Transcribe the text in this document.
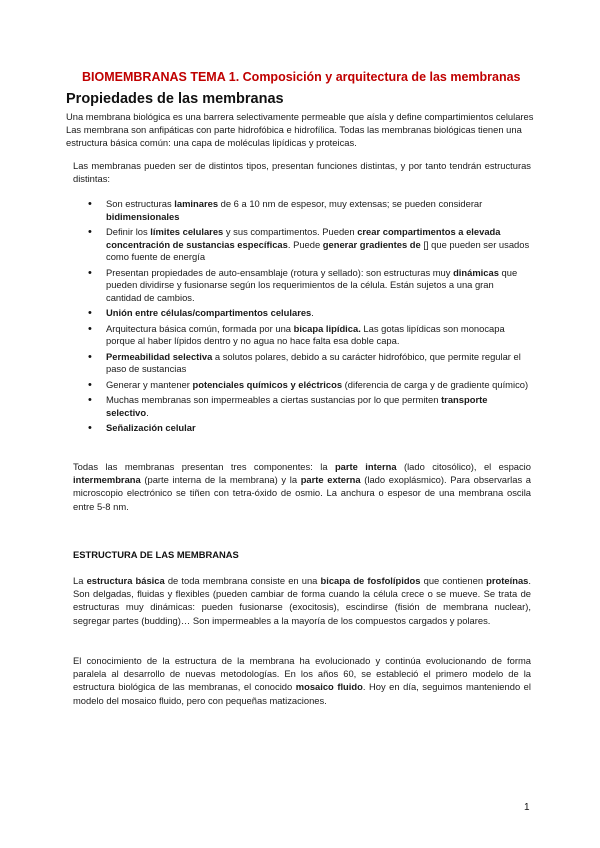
BIOMEMBRANAS TEMA 1. Composición y arquitectura de las membranas
Propiedades de las membranas
Una membrana biológica es una barrera selectivamente permeable que aísla y define compartimientos celulares
Las membrana son anfipáticas con parte hidrofóbica e hidrofílica. Todas las membranas biológicas tienen una estructura básica común: una capa de moléculas lipídicas y proteicas.
Las membranas pueden ser de distintos tipos, presentan funciones distintas, y por tanto tendrán estructuras distintas:
• Son estructuras laminares de 6 a 10 nm de espesor, muy extensas; se pueden considerar bidimensionales
• Definir los límites celulares y sus compartimentos. Pueden crear compartimentos a elevada concentración de sustancias específicas. Puede generar gradientes de [] que pueden ser usados como fuente de energía
• Presentan propiedades de auto-ensamblaje (rotura y sellado): son estructuras muy dinámicas que pueden dividirse y fusionarse según los requerimientos de la célula. Están sujetos a una gran cantidad de cambios.
• Unión entre células/compartimentos celulares.
• Arquitectura básica común, formada por una bicapa lipídica. Las gotas lipídicas son monocapa porque al haber lípidos dentro y no agua no hace falta esa doble capa.
• Permeabilidad selectiva a solutos polares, debido a su carácter hidrofóbico, que permite regular el paso de sustancias
• Generar y mantener potenciales químicos y eléctricos (diferencia de carga y de gradiente químico)
• Muchas membranas son impermeables a ciertas sustancias por lo que permiten transporte selectivo.
• Señalización celular
Todas las membranas presentan tres componentes: la parte interna (lado citosólico), el espacio intermembrana (parte interna de la membrana) y la parte externa (lado exoplásmico). Para observarlas a microscopio electrónico se tiñen con tetra-óxido de osmio. La anchura o espesor de una membrana oscila entre 5-8 nm.
ESTRUCTURA DE LAS MEMBRANAS
La estructura básica de toda membrana consiste en una bicapa de fosfolípidos que contienen proteínas. Son delgadas, fluidas y flexibles (pueden cambiar de forma cuando la célula crece o se mueve. Se trata de estructuras muy dinámicas: pueden fusionarse (exocitosis), escindirse (fisión de membrana nuclear), segregar partes (budding)… Son impermeables a la mayoría de los compuestos cargados y polares.
El conocimiento de la estructura de la membrana ha evolucionado y continúa evolucionando de forma paralela al desarrollo de nuevas metodologías. En los años 60, se estableció el primero modelo de la estructura biológica de las membranas, el conocido mosaico fluido. Hoy en día, seguimos manteniendo el modelo del mosaico fluido, pero con pequeñas matizaciones.
1
